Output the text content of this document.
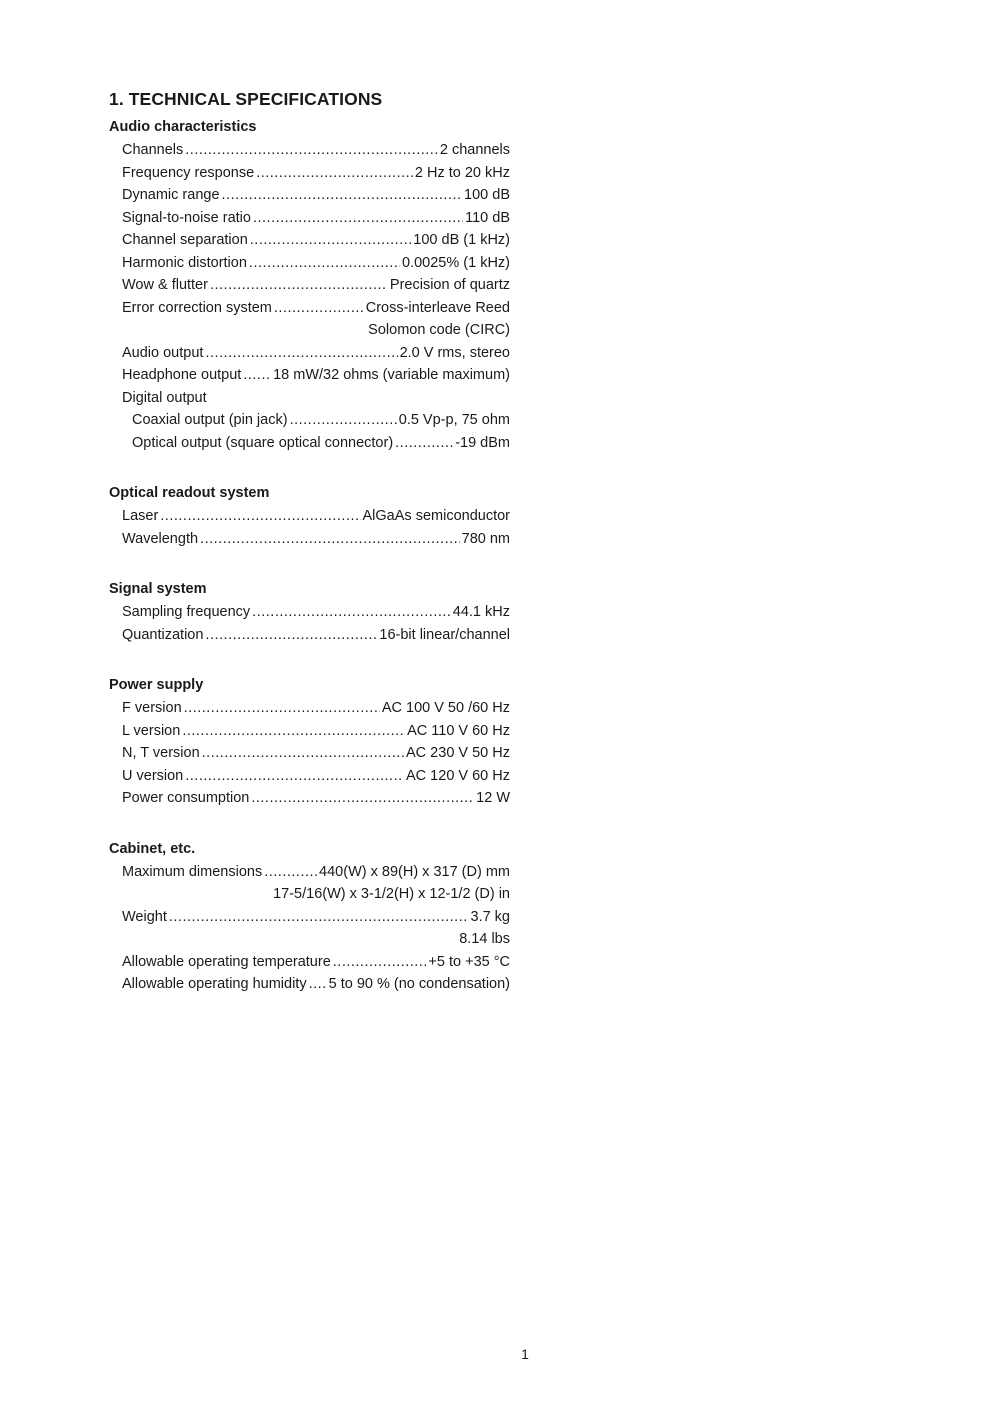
1. TECHNICAL SPECIFICATIONS
Audio characteristics
Channels .....	2 channels
Frequency response .....	2 Hz to 20 kHz
Dynamic range .....	100 dB
Signal-to-noise ratio .....	110 dB
Channel separation .....	100 dB (1 kHz)
Harmonic distortion .....	0.0025% (1 kHz)
Wow & flutter .....	Precision of quartz
Error correction system .....	Cross-interleave Reed
Solomon code (CIRC)
Audio output .....	2.0 V rms, stereo
Headphone output ..... 18 mW/32 ohms (variable maximum)
Digital output
Coaxial output (pin jack) .....	0.5 Vp-p, 75 ohm
Optical output (square optical connector) .....	-19 dBm
Optical readout system
Laser .....	AlGaAs semiconductor
Wavelength .....	780 nm
Signal system
Sampling frequency .....	44.1 kHz
Quantization .....	16-bit linear/channel
Power supply
F version .....	AC 100 V 50 /60 Hz
L version .....	AC 110 V 60 Hz
N, T version .....	AC 230 V 50 Hz
U version .....	AC 120 V 60 Hz
Power consumption .....	12 W
Cabinet, etc.
Maximum dimensions .....	440(W) x 89(H) x 317 (D) mm
17-5/16(W) x 3-1/2(H) x 12-1/2 (D) in
Weight .....	3.7 kg
8.14 lbs
Allowable operating temperature .....	+5 to +35 °C
Allowable operating humidity ..... 5 to 90 % (no condensation)
1
